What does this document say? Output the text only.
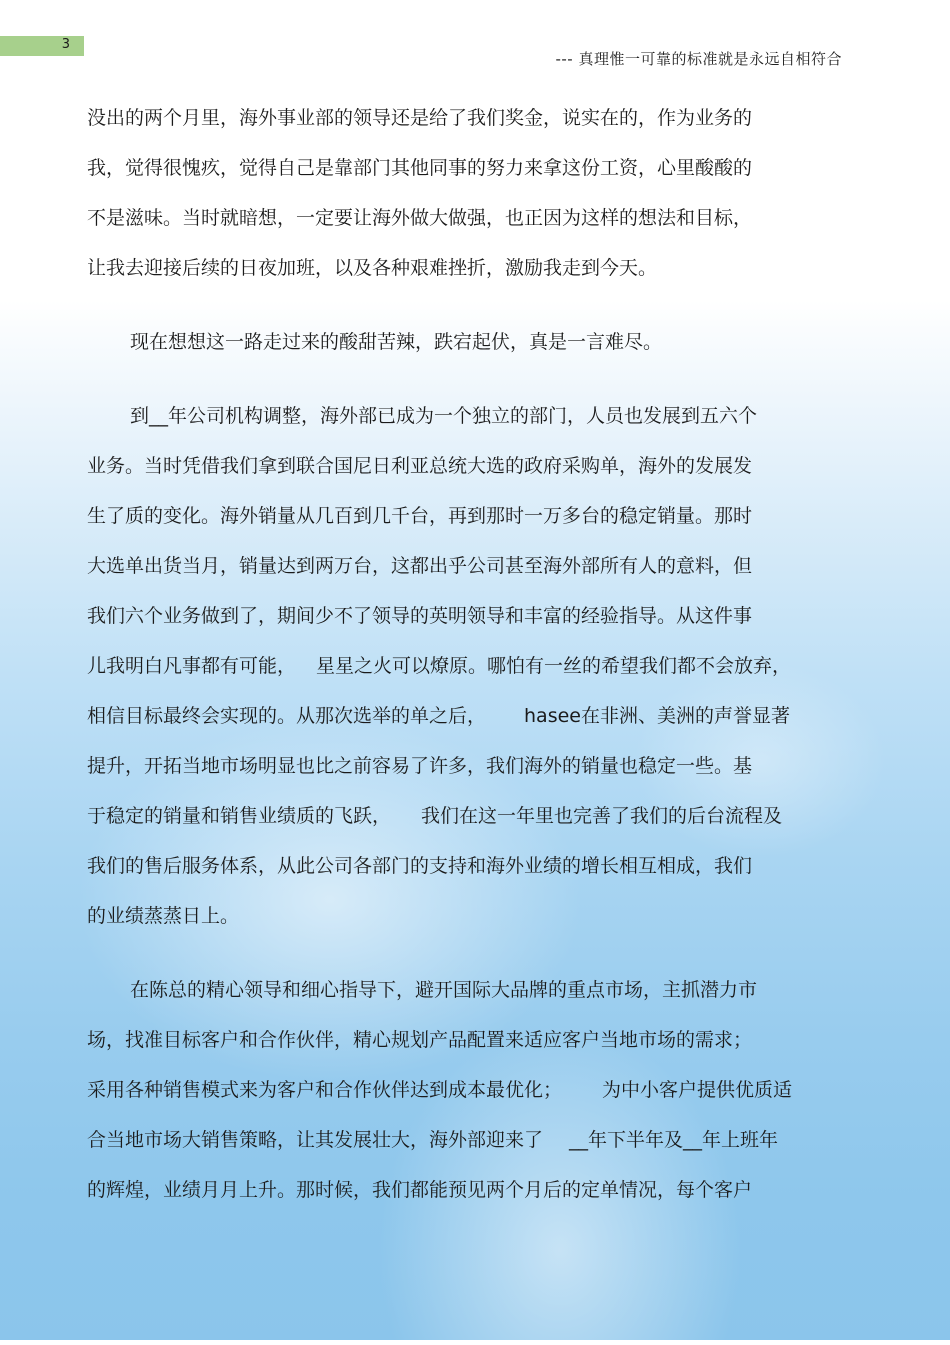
3
--- 真理惟一可靠的标准就是永远自相符合
没出的两个月里，海外事业部的领导还是给了我们奖金，说实在的，作为业务的
我，觉得很愧疚，觉得自己是靠部门其他同事的努力来拿这份工资，心里酸酸的
不是滋味。当时就暗想，一定要让海外做大做强，也正因为这样的想法和目标，
让我去迎接后续的日夜加班，以及各种艰难挫折，激励我走到今天。
现在想想这一路走过来的酸甜苦辣，跌宕起伏，真是一言难尽。
到__年公司机构调整，海外部已成为一个独立的部门，人员也发展到五六个
业务。当时凭借我们拿到联合国尼日利亚总统大选的政府采购单，海外的发展发
生了质的变化。海外销量从几百到几千台，再到那时一万多台的稳定销量。那时
大选单出货当月，销量达到两万台，这都出乎公司甚至海外部所有人的意料，但
我们六个业务做到了，期间少不了领导的英明领导和丰富的经验指导。从这件事
儿我明白凡事都有可能， 星星之火可以燎原。哪怕有一丝的希望我们都不会放弃，
相信目标最终会实现的。从那次选举的单之后， hasee在非洲、美洲的声誉显著
提升，开拓当地市场明显也比之前容易了许多，我们海外的销量也稳定一些。基
于稳定的销量和销售业绩质的飞跃， 我们在这一年里也完善了我们的后台流程及
我们的售后服务体系，从此公司各部门的支持和海外业绩的增长相互相成，我们
的业绩蒸蒸日上。
在陈总的精心领导和细心指导下，避开国际大品牌的重点市场，主抓潜力市
场，找准目标客户和合作伙伴，精心规划产品配置来适应客户当地市场的需求；
采用各种销售模式来为客户和合作伙伴达到成本最优化； 为中小客户提供优质适
合当地市场大销售策略，让其发展壮大，海外部迎来了 __年下半年及__年上班年
的辉煌，业绩月月上升。那时候，我们都能预见两个月后的定单情况，每个客户
